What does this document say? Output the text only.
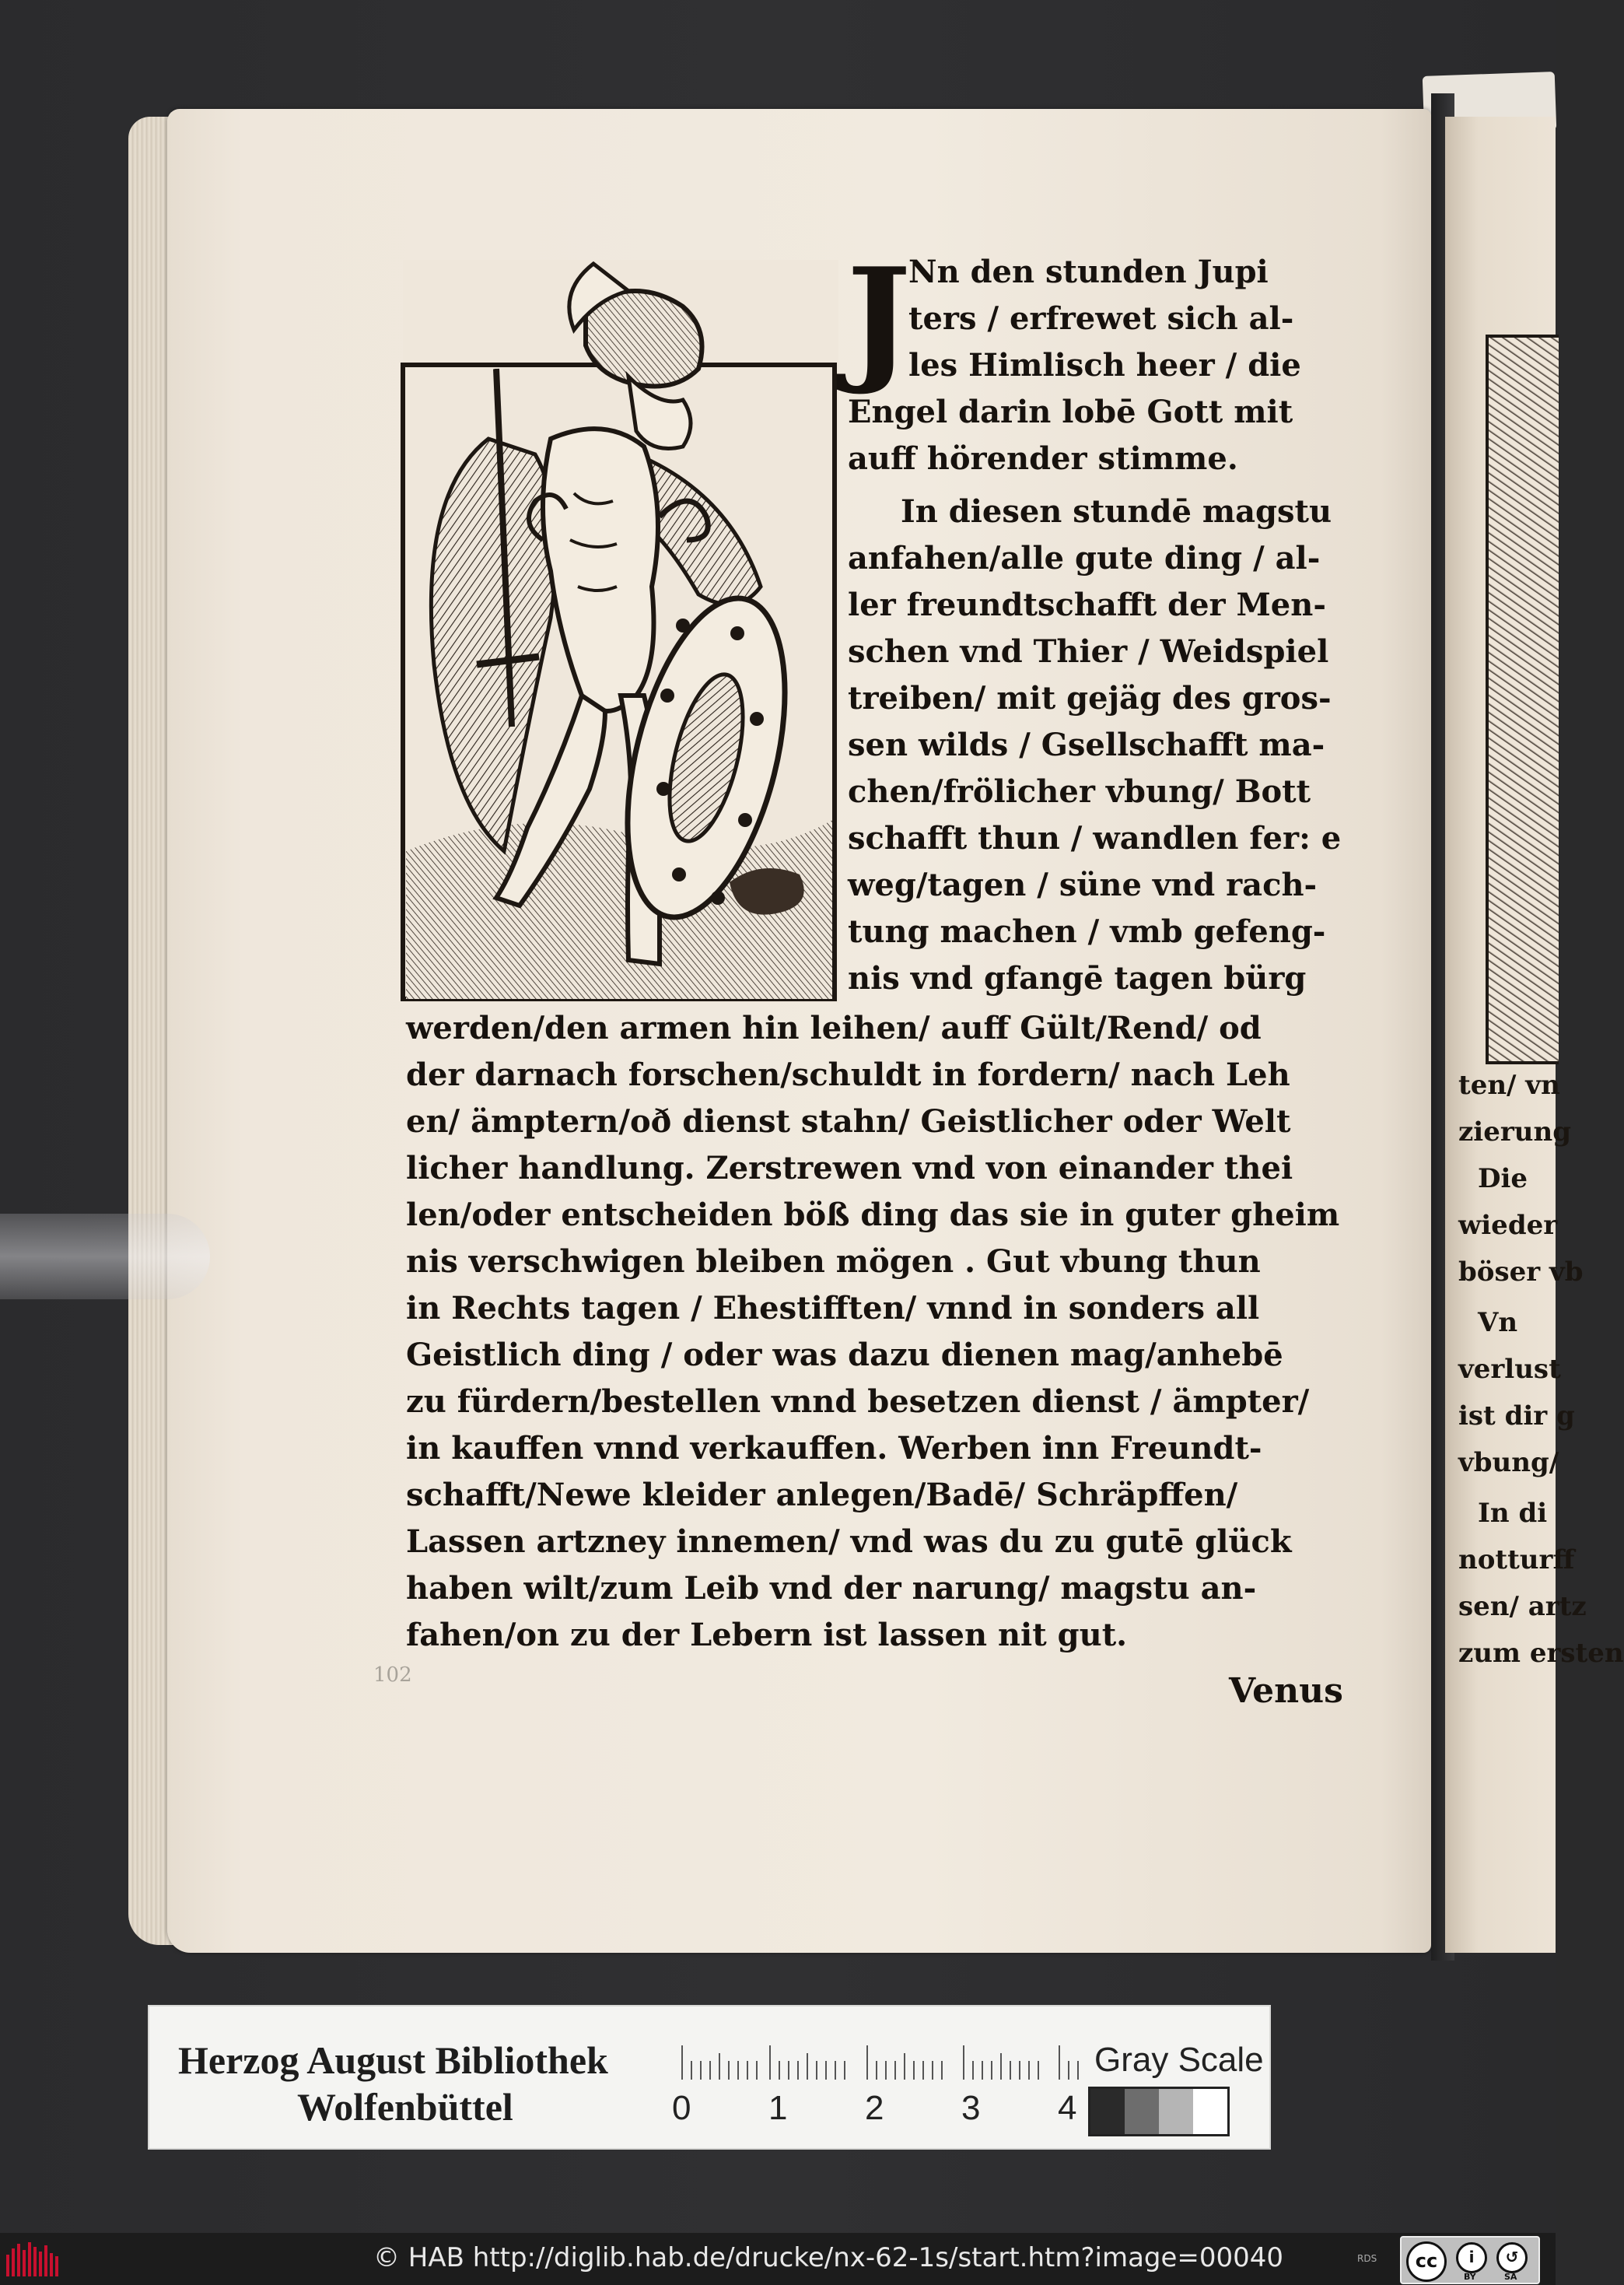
J
Nn den stunden Jupi
ters / erfrewet sich al-
les Himlisch heer / die
Engel darin lobē Gott mit
auff hörender stimme.
In diesen stundē magstu
anfahen/alle gute ding / al-
ler freundtschafft der Men-
schen vnd Thier / Weidspiel
treiben/ mit gejäg des gros-
sen wilds / Gsellschafft ma-
chen/frölicher vbung/ Bott
schafft thun / wandlen fer: e
weg/tagen / süne vnd rach-
tung machen / vmb gefeng-
nis vnd gfangē tagen bürg
werden/den armen hin leihen/ auff Gült/Rend/ od
der darnach forschen/schuldt in fordern/ nach Leh
en/ ämptern/oð dienst stahn/ Geistlicher oder Welt
licher handlung. Zerstrewen vnd von einander thei
len/oder entscheiden böß ding das sie in guter gheim
nis verschwigen bleiben mögen . Gut vbung thun
in Rechts tagen / Ehestifften/ vnnd in sonders all
Geistlich ding / oder was dazu dienen mag/anhebē
zu fürdern/bestellen vnnd besetzen dienst / ämpter/
in kauffen vnnd verkauffen. Werben inn Freundt-
schafft/Newe kleider anlegen/Badē/ Schräpffen/
Lassen artzney innemen/ vnd was du zu gutē glück
haben wilt/zum Leib vnd der narung/ magstu an-
fahen/on zu der Lebern ist lassen nit gut.
102	Venus
ten/ vn
zierung
Die
wieder
böser vb
Vn
verlust
ist dir g
vbung/
In di
notturff
sen/ artz
zum ersten
Herzog August Bibliothek
Wolfenbüttel	0 1 2 3 4
Gray Scale
© HAB http://diglib.hab.de/drucke/nx-62-1s/start.htm?image=00040	RDS	cc	i	↺
BY	SA
